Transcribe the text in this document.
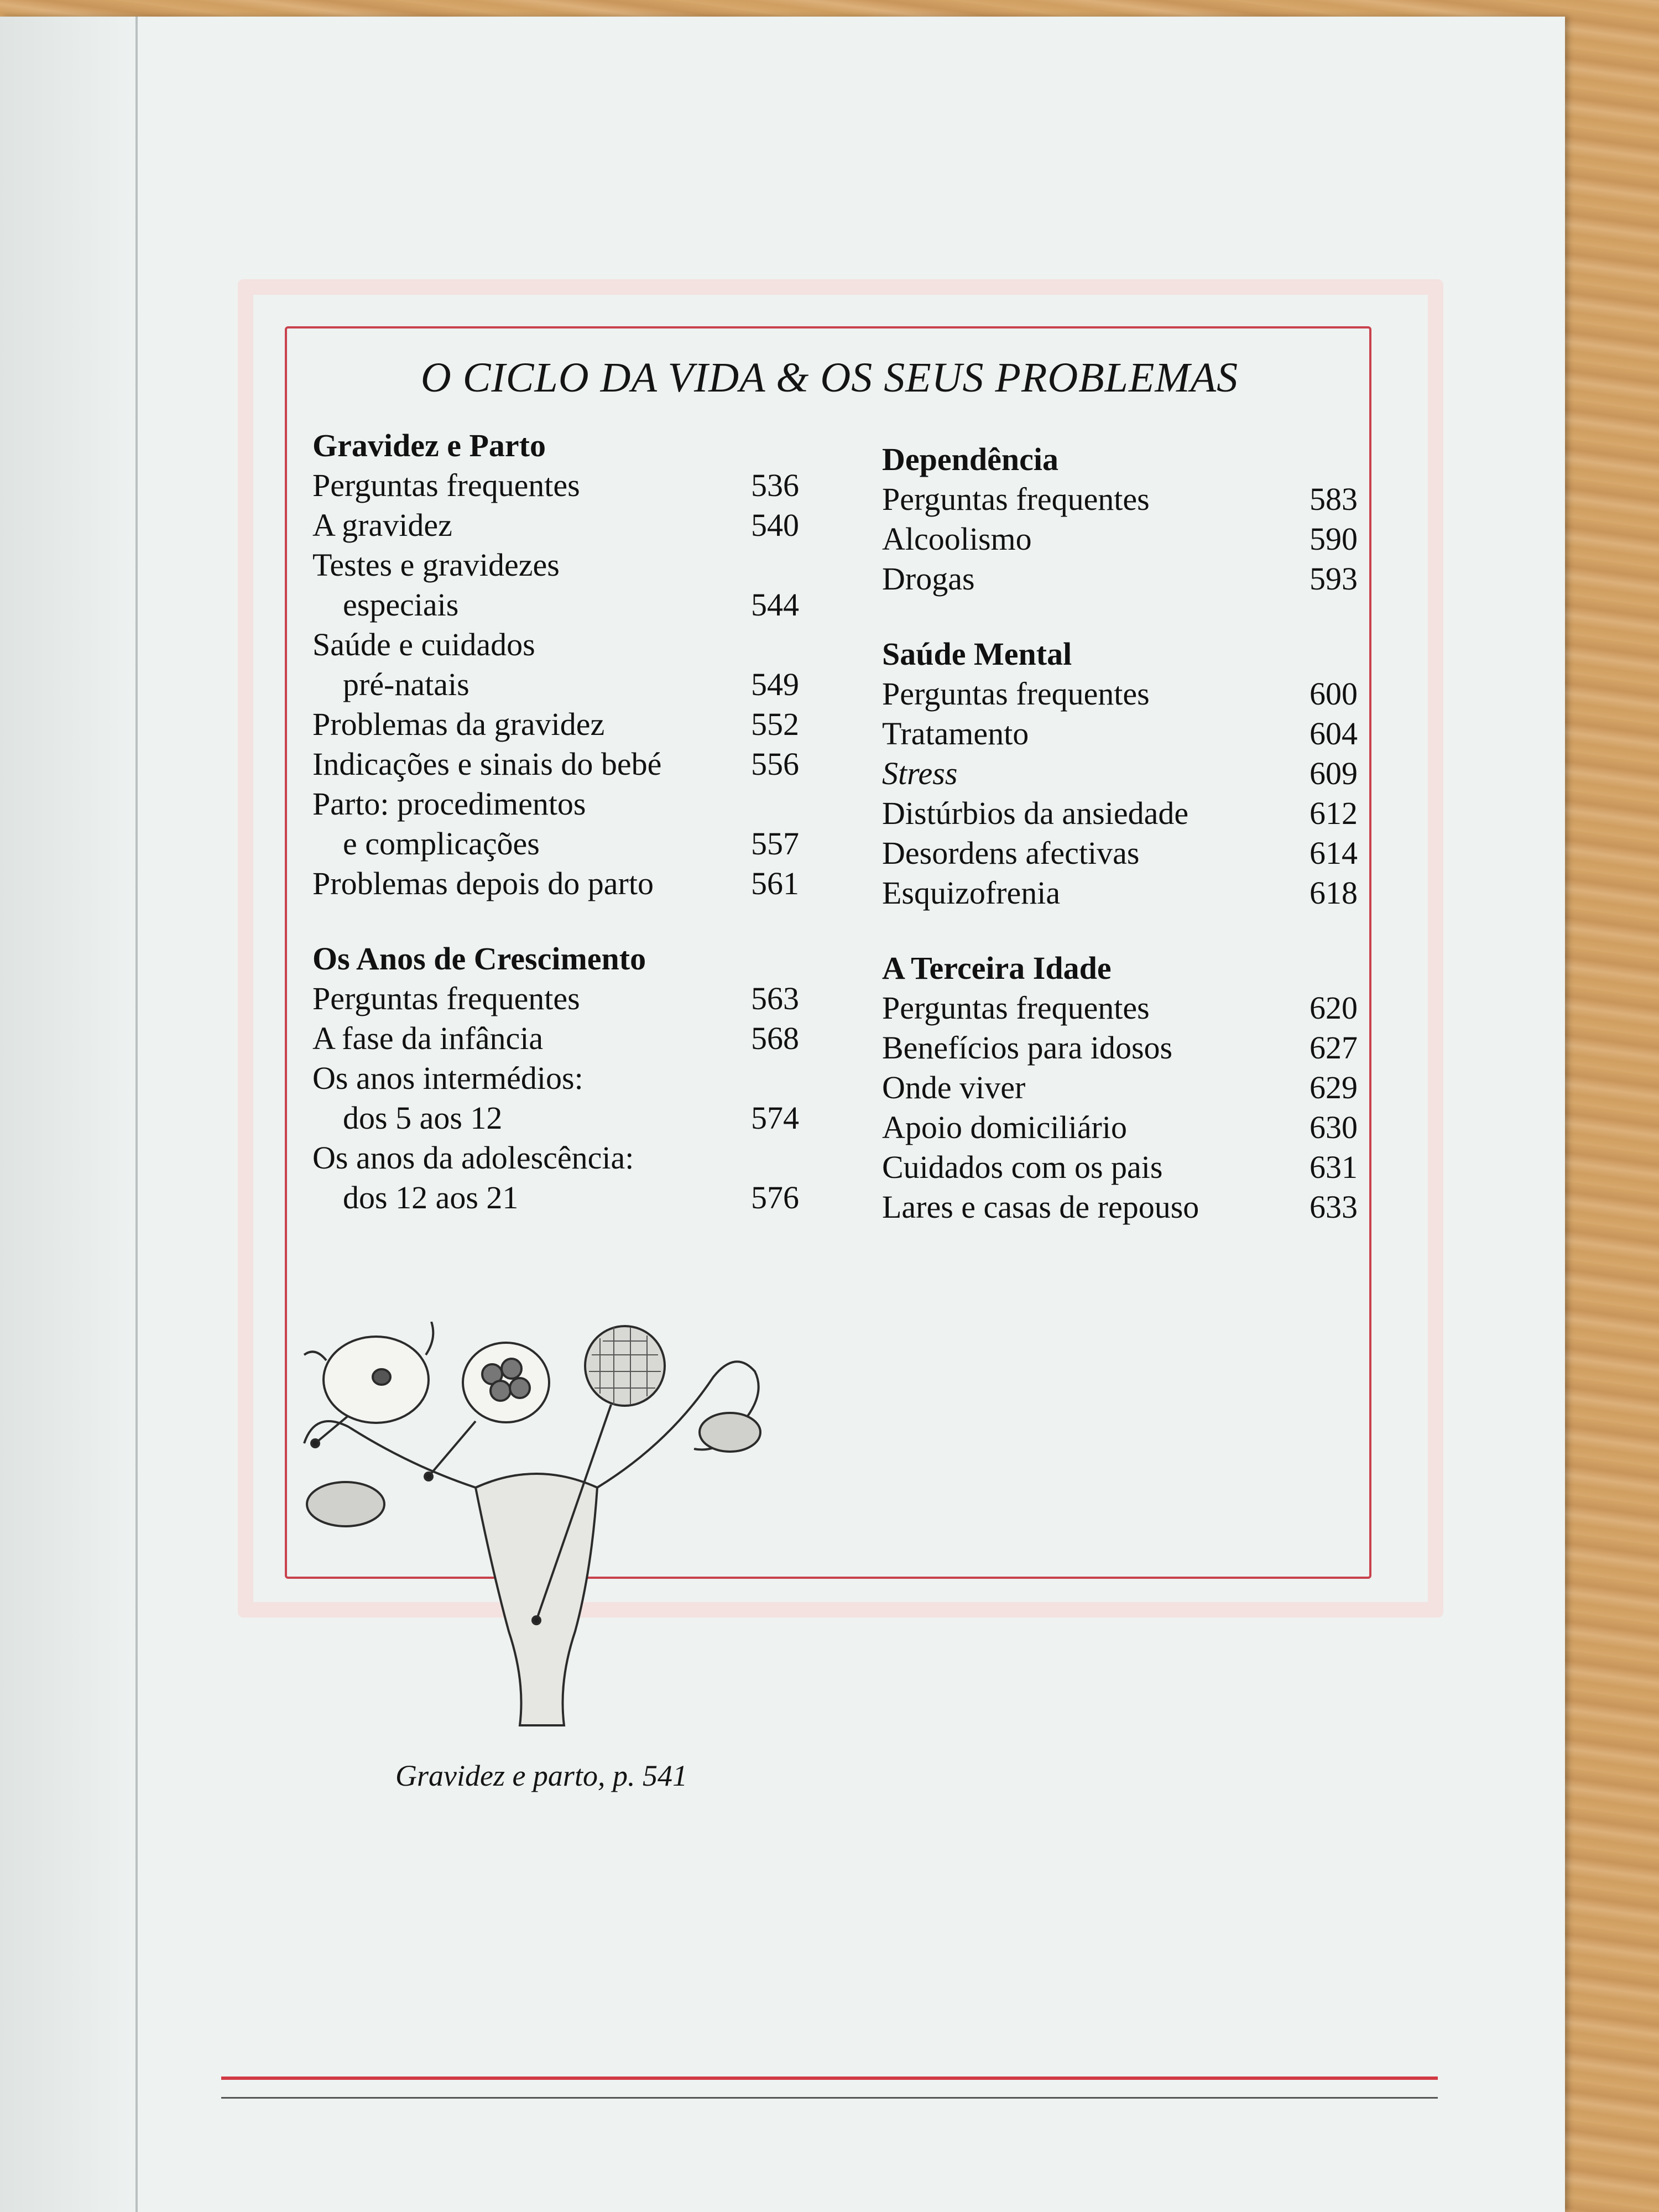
O CICLO DA VIDA & OS SEUS PROBLEMAS
Gravidez e Parto
Perguntas frequentes	536
A gravidez	540
Testes e gravidezes
especiais	544
Saúde e cuidados
pré-natais	549
Problemas da gravidez	552
Indicações e sinais do bebé	556
Parto: procedimentos
e complicações	557
Problemas depois do parto	561
Os Anos de Crescimento
Perguntas frequentes	563
A fase da infância	568
Os anos intermédios:
dos 5 aos 12	574
Os anos da adolescência:
dos 12 aos 21	576
Dependência
Perguntas frequentes	583
Alcoolismo	590
Drogas	593
Saúde Mental
Perguntas frequentes	600
Tratamento	604
Stress	609
Distúrbios da ansiedade	612
Desordens afectivas	614
Esquizofrenia	618
A Terceira Idade
Perguntas frequentes	620
Benefícios para idosos	627
Onde viver	629
Apoio domiciliário	630
Cuidados com os pais	631
Lares e casas de repouso	633
Gravidez e parto, p. 541
